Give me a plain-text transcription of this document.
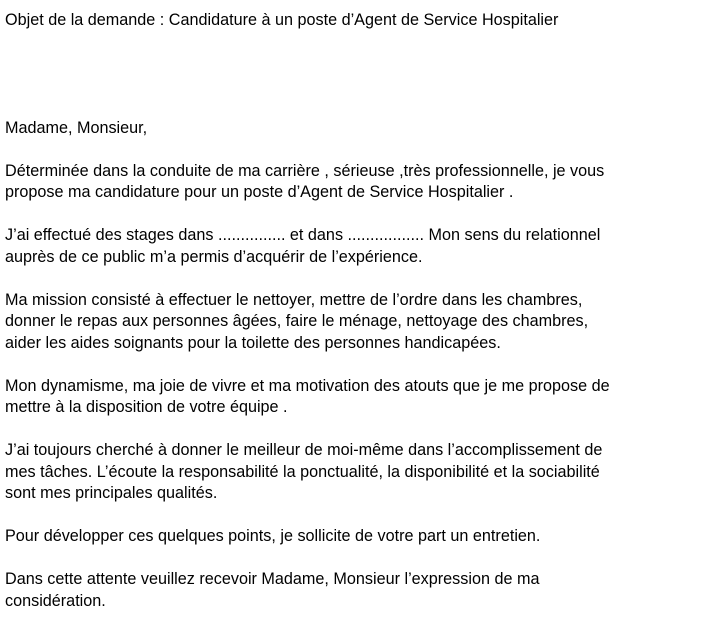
Objet de la demande : Candidature à un poste d’Agent de Service Hospitalier
Madame, Monsieur,
Déterminée dans la conduite de ma carrière , sérieuse ,très professionnelle, je vous
propose ma candidature pour un poste d’Agent de Service Hospitalier .
J’ai effectué des stages dans ............... et dans ................. Mon sens du relationnel
auprès de ce public m’a permis d’acquérir de l’expérience.
Ma mission consisté à effectuer le nettoyer, mettre de l’ordre dans les chambres,
donner le repas aux personnes âgées, faire le ménage, nettoyage des chambres,
aider les aides soignants pour la toilette des personnes handicapées.
Mon dynamisme, ma joie de vivre et ma motivation des atouts que je me propose de
mettre à la disposition de votre équipe .
J’ai toujours cherché à donner le meilleur de moi-même dans l’accomplissement de
mes tâches. L’écoute la responsabilité la ponctualité, la disponibilité et la sociabilité
sont mes principales qualités.
Pour développer ces quelques points, je sollicite de votre part un entretien.
Dans cette attente veuillez recevoir Madame, Monsieur l’expression de ma
considération.
